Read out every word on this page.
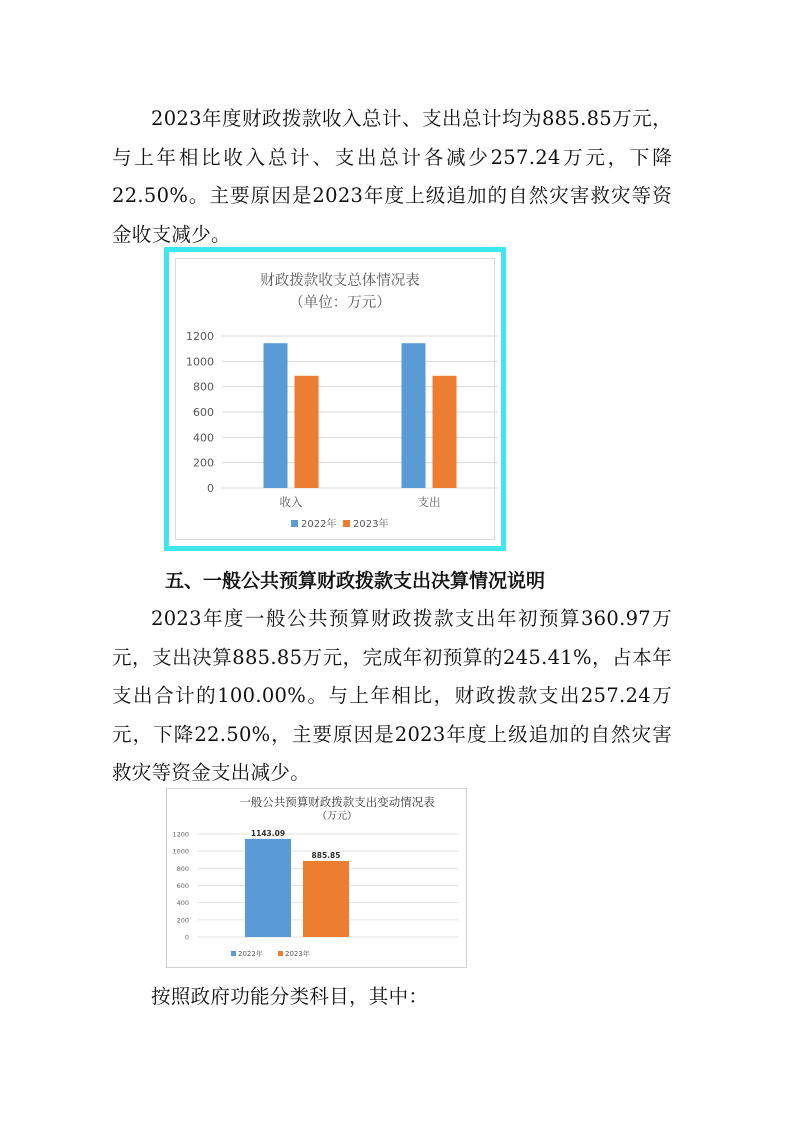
2023年度财政拨款收入总计、支出总计均为885.85万元，与上年相比收入总计、支出总计各减少257.24万元，下降22.50%。主要原因是2023年度上级追加的自然灾害救灾等资金收支减少。

财政拨款收支总体情况表
（单位：万元）
0
200
400
600
800
1000
1200
收入	支出
2022年 2023年
五、一般公共预算财政拨款支出决算情况说明

2023年度一般公共预算财政拨款支出年初预算360.97万元，支出决算885.85万元，完成年初预算的245.41%，占本年支出合计的100.00%。与上年相比，财政拨款支出257.24万元，下降22.50%，主要原因是2023年度上级追加的自然灾害救灾等资金支出减少。

一般公共预算财政拨款支出变动情况表
（万元）
0
200
400
600
800
1000
1200	1143.09
885.85
2022年	2023年

按照政府功能分类科目，其中：
